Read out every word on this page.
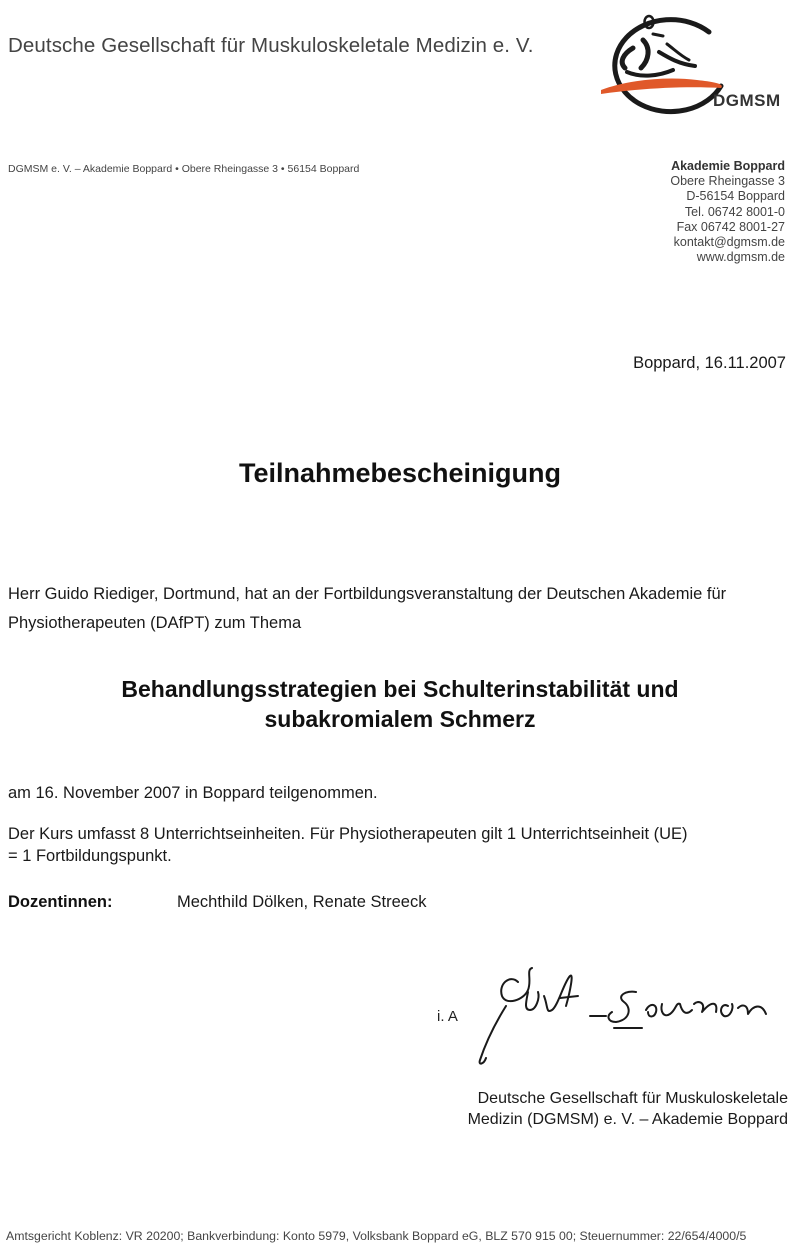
Deutsche Gesellschaft für Muskuloskeletale Medizin e. V.
DGMSM
DGMSM e. V. – Akademie Boppard • Obere Rheingasse 3 • 56154 Boppard	Akademie Boppard
Obere Rheingasse 3
D-56154 Boppard
Tel. 06742 8001-0
Fax 06742 8001-27
kontakt@dgmsm.de
www.dgmsm.de
Boppard, 16.11.2007
Teilnahmebescheinigung
Herr Guido Riediger, Dortmund, hat an der Fortbildungsveranstaltung der Deutschen Akademie für
Physiotherapeuten (DAfPT) zum Thema
Behandlungsstrategien bei Schulterinstabilität und
subakromialem Schmerz
am 16. November 2007 in Boppard teilgenommen.
Der Kurs umfasst 8 Unterrichtseinheiten. Für Physiotherapeuten gilt 1 Unterrichtseinheit (UE)
= 1 Fortbildungspunkt.
Dozentinnen:	Mechthild Dölken, Renate Streeck
i. A
Deutsche Gesellschaft für Muskuloskeletale
Medizin (DGMSM) e. V. – Akademie Boppard
Amtsgericht Koblenz: VR 20200; Bankverbindung: Konto 5979, Volksbank Boppard eG, BLZ 570 915 00; Steuernummer: 22/654/4000/5
